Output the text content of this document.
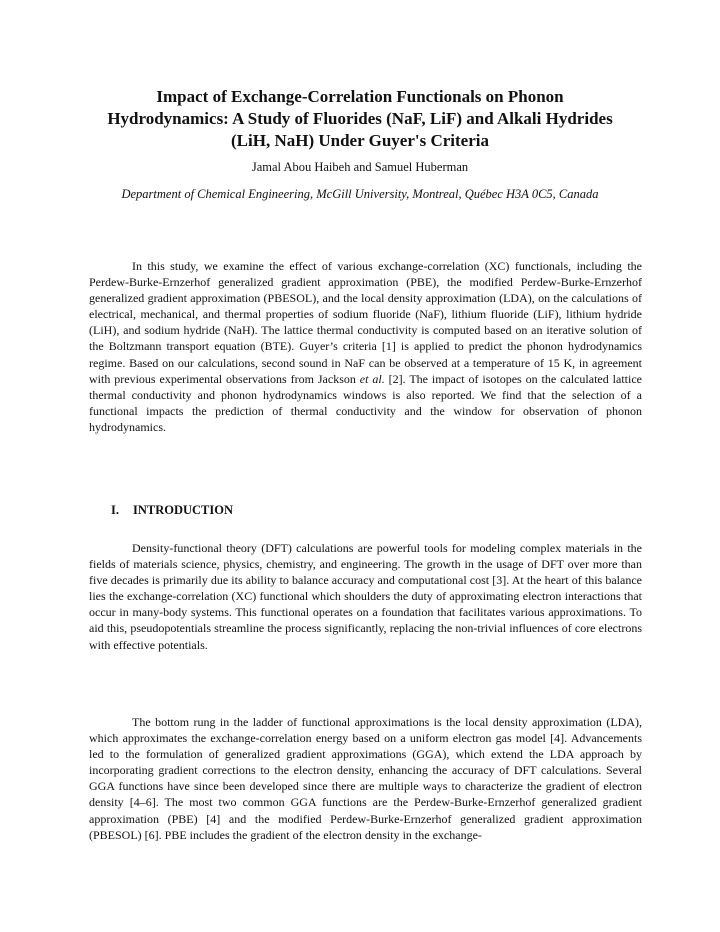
Impact of Exchange-Correlation Functionals on Phonon
Hydrodynamics: A Study of Fluorides (NaF, LiF) and Alkali Hydrides
(LiH, NaH) Under Guyer's Criteria
Jamal Abou Haibeh and Samuel Huberman
Department of Chemical Engineering, McGill University, Montreal, Québec H3A 0C5, Canada

In this study, we examine the effect of various exchange-correlation (XC) functionals, including the Perdew-Burke-Ernzerhof generalized gradient approximation (PBE), the modified Perdew-Burke-Ernzerhof generalized gradient approximation (PBESOL), and the local density approximation (LDA), on the calculations of electrical, mechanical, and thermal properties of sodium fluoride (NaF), lithium fluoride (LiF), lithium hydride (LiH), and sodium hydride (NaH). The lattice thermal conductivity is computed based on an iterative solution of the Boltzmann transport equation (BTE). Guyer’s criteria [1] is applied to predict the phonon hydrodynamics regime. Based on our calculations, second sound in NaF can be observed at a temperature of 15 K, in agreement with previous experimental observations from Jackson et al. [2]. The impact of isotopes on the calculated lattice thermal conductivity and phonon hydrodynamics windows is also reported. We find that the selection of a functional impacts the prediction of thermal conductivity and the window for observation of phonon hydrodynamics.

I. INTRODUCTION

Density-functional theory (DFT) calculations are powerful tools for modeling complex materials in the fields of materials science, physics, chemistry, and engineering. The growth in the usage of DFT over more than five decades is primarily due its ability to balance accuracy and computational cost [3]. At the heart of this balance lies the exchange-correlation (XC) functional which shoulders the duty of approximating electron interactions that occur in many-body systems. This functional operates on a foundation that facilitates various approximations. To aid this, pseudopotentials streamline the process significantly, replacing the non-trivial influences of core electrons with effective potentials.

The bottom rung in the ladder of functional approximations is the local density approximation (LDA), which approximates the exchange-correlation energy based on a uniform electron gas model [4]. Advancements led to the formulation of generalized gradient approximations (GGA), which extend the LDA approach by incorporating gradient corrections to the electron density, enhancing the accuracy of DFT calculations. Several GGA functions have since been developed since there are multiple ways to characterize the gradient of electron density [4–6]. The most two common GGA functions are the Perdew-Burke-Ernzerhof generalized gradient approximation (PBE) [4] and the modified Perdew-Burke-Ernzerhof generalized gradient approximation (PBESOL) [6]. PBE includes the gradient of the electron density in the exchange-
